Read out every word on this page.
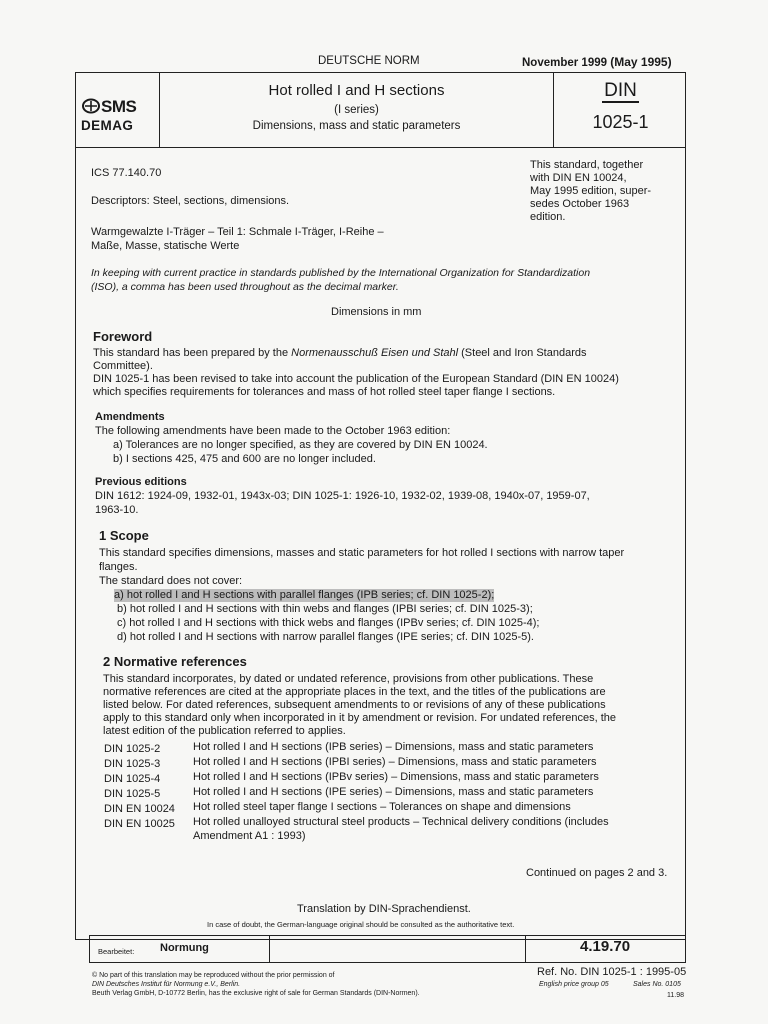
DEUTSCHE NORM	November 1999 (May 1995)
SMS
DEMAG
Hot rolled I and H sections
(I series)
Dimensions, mass and static parameters
DIN
1025-1
ICS 77.140.70
Descriptors: Steel, sections, dimensions.
Warmgewalzte I-Träger – Teil 1: Schmale I-Träger, I-Reihe –
Maße, Masse, statische Werte
This standard, together
with DIN EN 10024,
May 1995 edition, super-
sedes October 1963
edition.
In keeping with current practice in standards published by the International Organization for Standardization
(ISO), a comma has been used throughout as the decimal marker.
Dimensions in mm
Foreword
This standard has been prepared by the Normenausschuß Eisen und Stahl (Steel and Iron Standards
Committee).
DIN 1025-1 has been revised to take into account the publication of the European Standard (DIN EN 10024)
which specifies requirements for tolerances and mass of hot rolled steel taper flange I sections.
Amendments
The following amendments have been made to the October 1963 edition:
a) Tolerances are no longer specified, as they are covered by DIN EN 10024.
b) I sections 425, 475 and 600 are no longer included.
Previous editions
DIN 1612: 1924-09, 1932-01, 1943x-03; DIN 1025-1: 1926-10, 1932-02, 1939-08, 1940x-07, 1959-07,
1963-10.
1 Scope
This standard specifies dimensions, masses and static parameters for hot rolled I sections with narrow taper
flanges.
The standard does not cover:
a) hot rolled I and H sections with parallel flanges (IPB series; cf. DIN 1025-2);
b) hot rolled I and H sections with thin webs and flanges (IPBI series; cf. DIN 1025-3);
c) hot rolled I and H sections with thick webs and flanges (IPBv series; cf. DIN 1025-4);
d) hot rolled I and H sections with narrow parallel flanges (IPE series; cf. DIN 1025-5).
2 Normative references
This standard incorporates, by dated or undated reference, provisions from other publications. These
normative references are cited at the appropriate places in the text, and the titles of the publications are
listed below. For dated references, subsequent amendments to or revisions of any of these publications
apply to this standard only when incorporated in it by amendment or revision. For undated references, the
latest edition of the publication referred to applies.
DIN 1025-2	Hot rolled I and H sections (IPB series) – Dimensions, mass and static parameters
DIN 1025-3	Hot rolled I and H sections (IPBI series) – Dimensions, mass and static parameters
DIN 1025-4	Hot rolled I and H sections (IPBv series) – Dimensions, mass and static parameters
DIN 1025-5	Hot rolled I and H sections (IPE series) – Dimensions, mass and static parameters
DIN EN 10024 Hot rolled steel taper flange I sections – Tolerances on shape and dimensions
DIN EN 10025 Hot rolled unalloyed structural steel products – Technical delivery conditions (includes
Amendment A1 : 1993)
Continued on pages 2 and 3.
Translation by DIN-Sprachendienst.
In case of doubt, the German-language original should be consulted as the authoritative text.
Bearbeitet: Normung	4.19.70
© No part of this translation may be reproduced without the prior permission of
DIN Deutsches Institut für Normung e.V., Berlin.
Beuth Verlag GmbH, D-10772 Berlin, has the exclusive right of sale for German Standards (DIN-Normen).
Ref. No. DIN 1025-1 : 1995-05
English price group 05	Sales No. 0105
11.98
